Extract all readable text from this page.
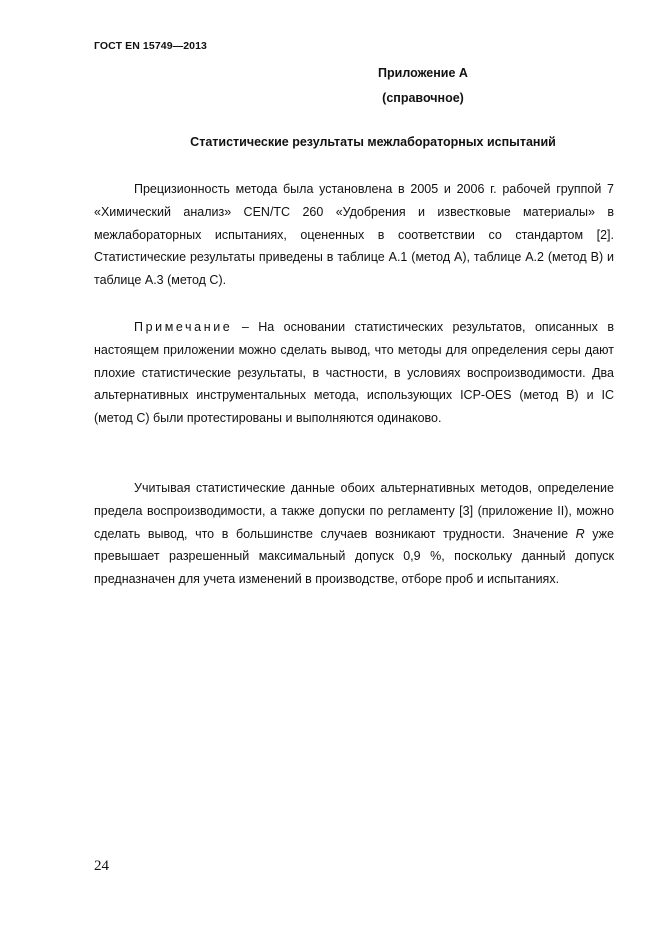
ГОСТ EN 15749—2013
Приложение А
(справочное)
Статистические результаты межлабораторных испытаний

Прецизионность метода была установлена в 2005 и 2006 г. рабочей группой 7 «Химический анализ» CEN/TC 260 «Удобрения и известковые материалы» в межлабораторных испытаниях, оцененных в соответствии со стандартом [2]. Статистические результаты приведены в таблице А.1 (метод А), таблице А.2 (метод В) и таблице А.3 (метод С).

Примечание – На основании статистических результатов, описанных в настоящем приложении можно сделать вывод, что методы для определения серы дают плохие статистические результаты, в частности, в условиях воспроизводимости. Два альтернативных инструментальных метода, использующих ICP-OES (метод В) и IC (метод С) были протестированы и выполняются одинаково.

Учитывая статистические данные обоих альтернативных методов, определение предела воспроизводимости, а также допуски по регламенту [3] (приложение II), можно сделать вывод, что в большинстве случаев возникают трудности. Значение R уже превышает разрешенный максимальный допуск 0,9 %, поскольку данный допуск предназначен для учета изменений в производстве, отборе проб и испытаниях.

24
